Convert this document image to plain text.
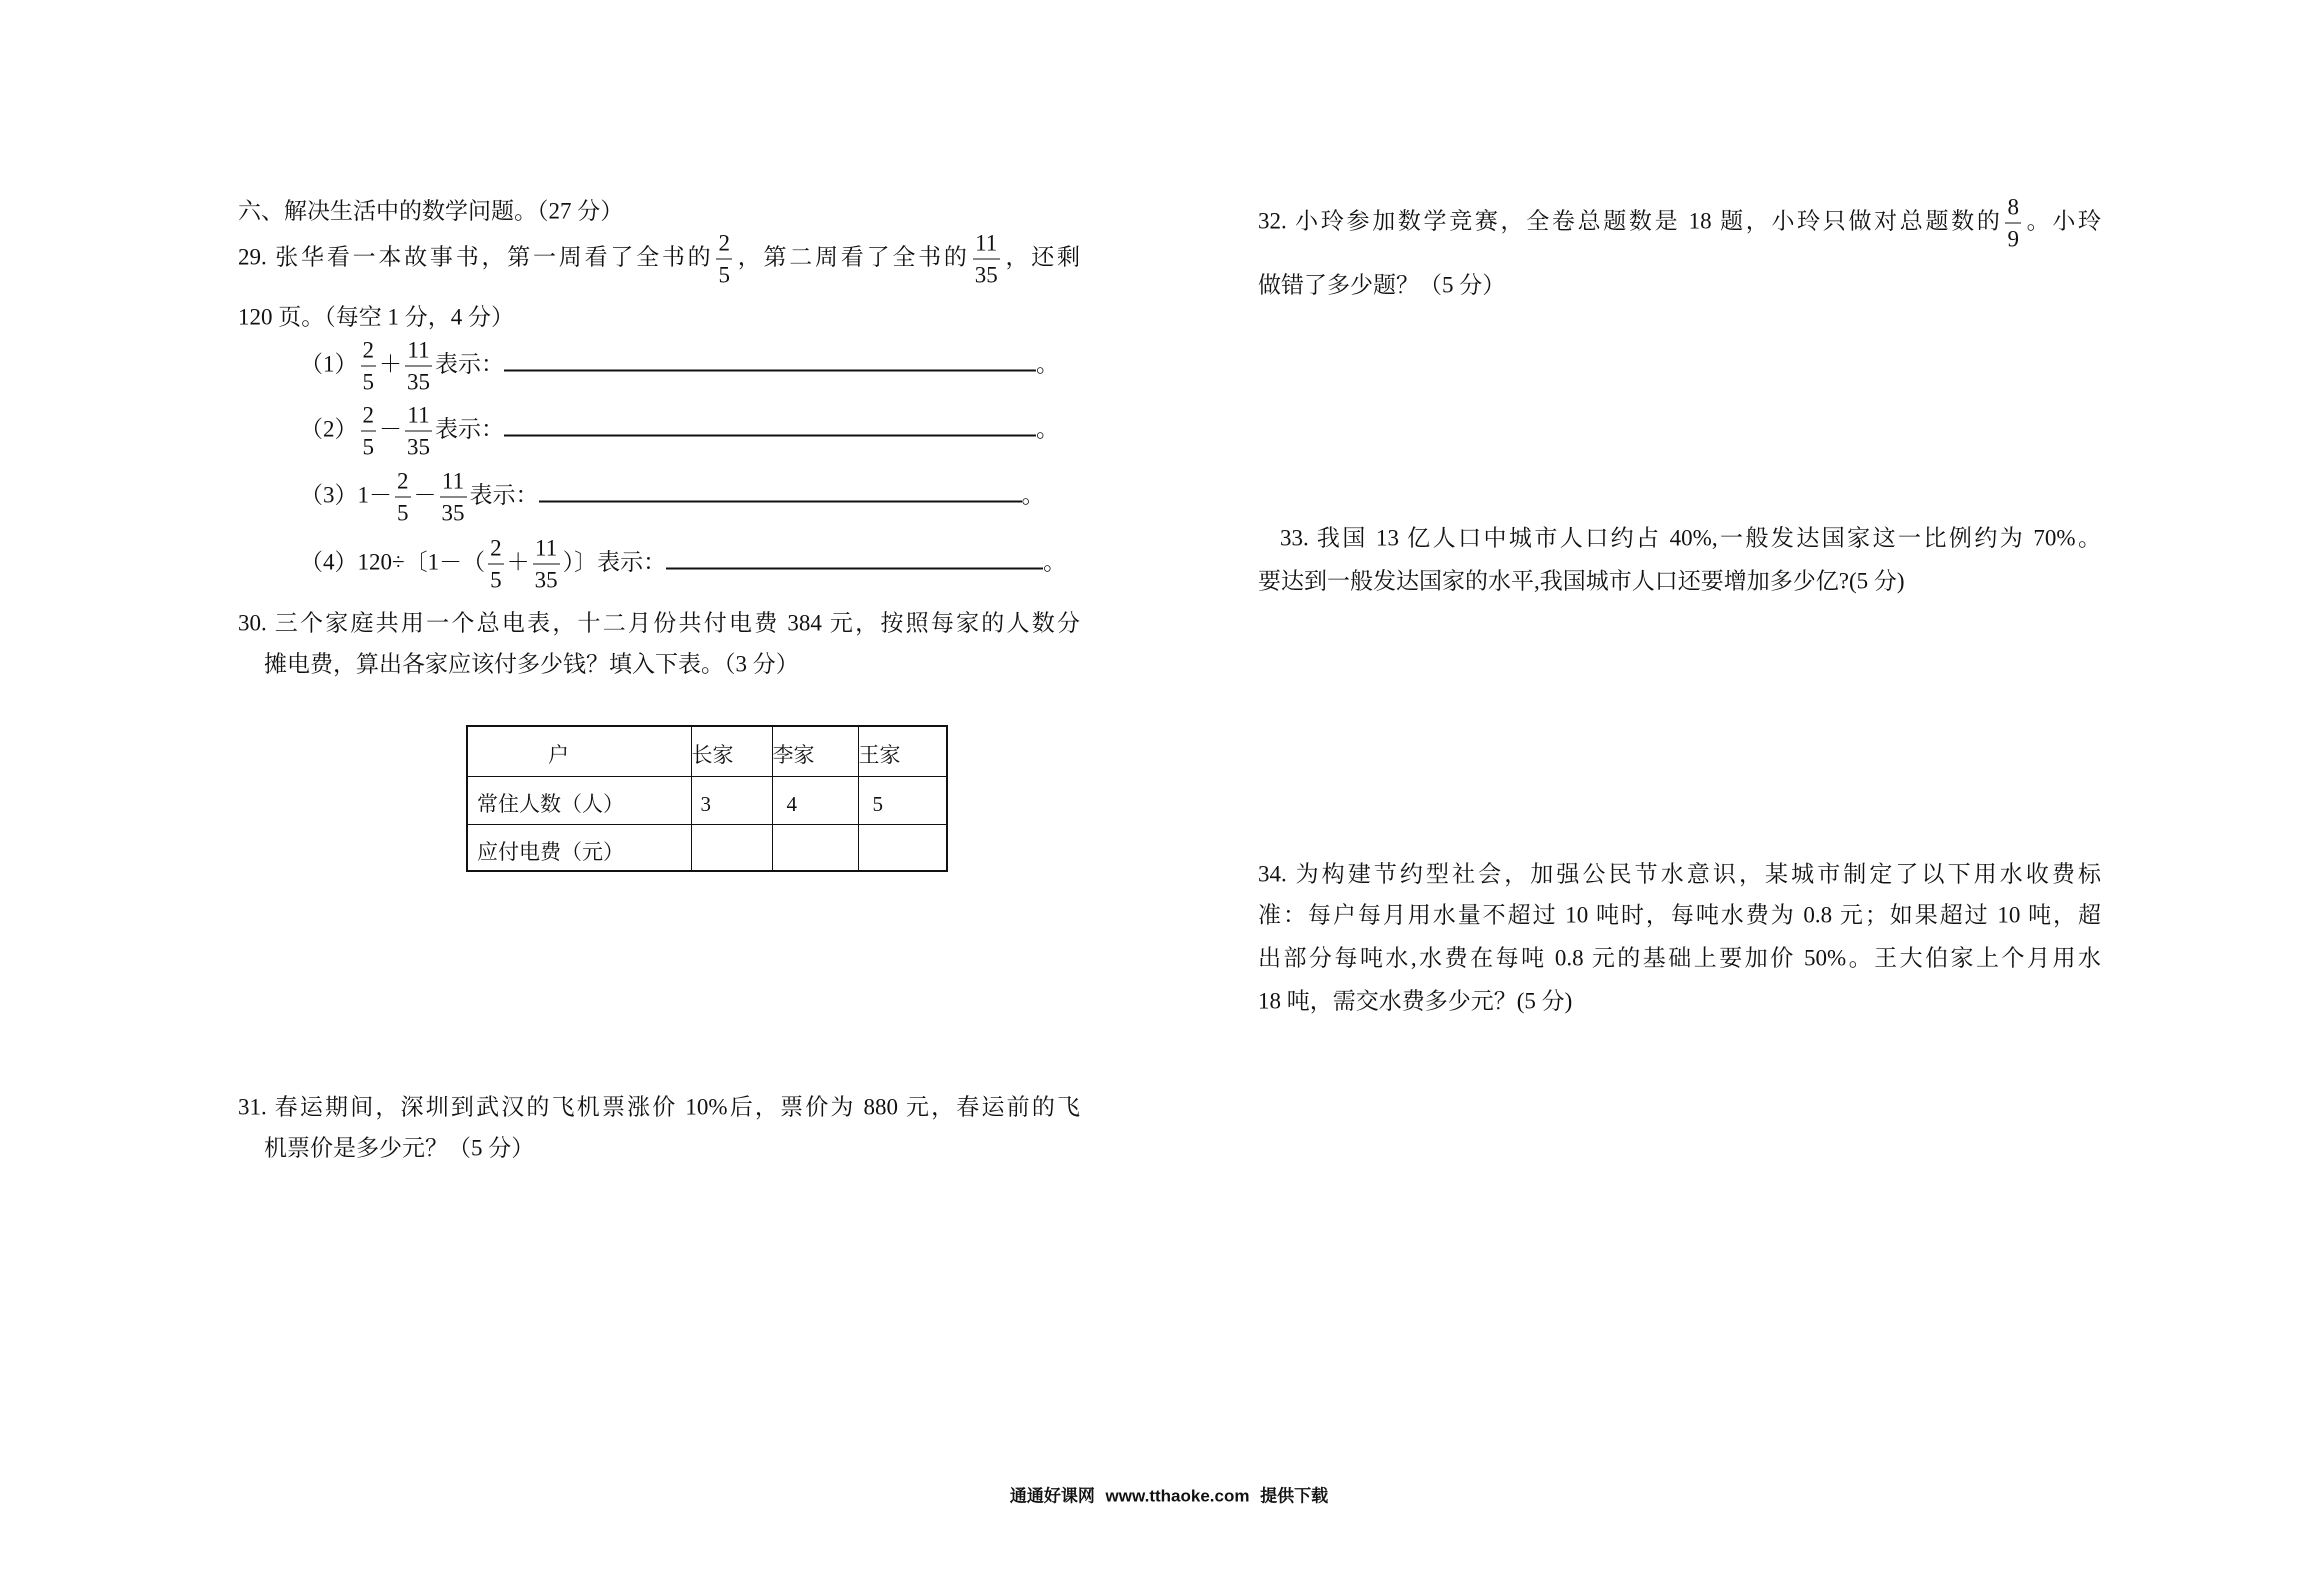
六、解决生活中的数学问题。（27 分）
29. 张华看一本故事书，第一周看了全书的 $\frac{2}{5}$ ，第二周看了全书的 $\frac{11}{35}$ ，还剩
120 页。（每空 1 分，4 分）
$(1) \frac{2}{5} + \frac{11}{35}$ 表示：	。
$(2) \frac{2}{5} - \frac{11}{35}$ 表示：	。
$(3)1- \frac{2}{5} - \frac{11}{35}$ 表示：	。
（4）120÷〔$1-( \frac{2}{5} + \frac{11}{35}$ ）〕表示：	。
30. 三个家庭共用一个总电表，十二月份共付电费 384 元，按照每家的人数分
摊电费，算出各家应该付多少钱？填入下表。（3 分）
户	长家	李家	王家
常住人数（人）	3	4	5
应付电费（元）			
31. 春运期间，深圳到武汉的飞机票涨价 10%后，票价为 880 元，春运前的飞
机票价是多少元？（5 分）
32. 小玲参加数学竞赛，全卷总题数是 18 题，小玲只做对总题数的 $\frac{8}{9}$ 。小玲
做错了多少题？（5 分）
33. 我国 13 亿人口中城市人口约占 40%,一般发达国家这一比例约为 70%。
要达到一般发达国家的水平,我国城市人口还要增加多少亿?(5 分)
34. 为构建节约型社会，加强公民节水意识，某城市制定了以下用水收费标
准：每户每月用水量不超过 10 吨时，每吨水费为 0.8 元；如果超过 10 吨，超
出部分每吨水,水费在每吨 0.8 元的基础上要加价 50%。王大伯家上个月用水
18 吨，需交水费多少元？(5 分)
通通好课网 www.tthaoke.com 提供下载
